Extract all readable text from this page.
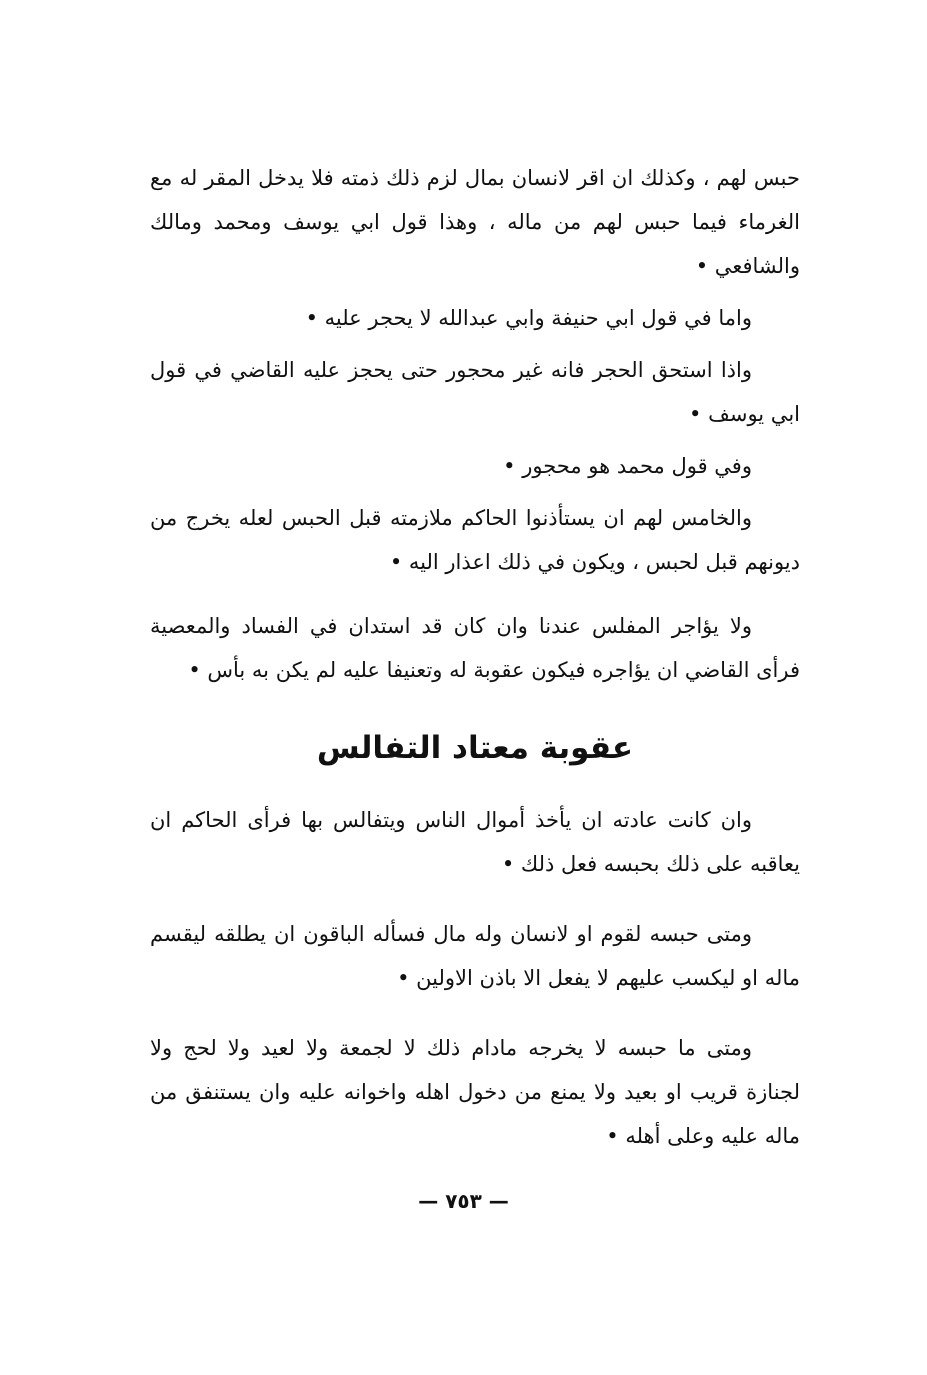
حبس لهم ، وكذلك ان اقر لانسان بمال لزم ذلك ذمته فلا يدخل المقر له مع الغرماء فيما حبس لهم من ماله ، وهذا قول ابي يوسف ومحمد ومالك والشافعي •

واما في قول ابي حنيفة وابي عبدالله لا يحجر عليه •

واذا استحق الحجر فانه غير محجور حتى يحجز عليه القاضي في قول ابي يوسف •

وفي قول محمد هو محجور •

والخامس لهم ان يستأذنوا الحاكم ملازمته قبل الحبس لعله يخرج من ديونهم قبل لحبس ، ويكون في ذلك اعذار اليه •

ولا يؤاجر المفلس عندنا وان كان قد استدان في الفساد والمعصية فرأى القاضي ان يؤاجره فيكون عقوبة له وتعنيفا عليه لم يكن به بأس •

عقوبة معتاد التفالس

وان كانت عادته ان يأخذ أموال الناس ويتفالس بها فرأى الحاكم ان يعاقبه على ذلك بحبسه فعل ذلك •

ومتى حبسه لقوم او لانسان وله مال فسأله الباقون ان يطلقه ليقسم ماله او ليكسب عليهم لا يفعل الا باذن الاولين •

ومتى ما حبسه لا يخرجه مادام ذلك لا لجمعة ولا لعيد ولا لحج ولا لجنازة قريب او بعيد ولا يمنع من دخول اهله واخوانه عليه وان يستنفق من ماله عليه وعلى أهله •

— ٧٥٣ —
